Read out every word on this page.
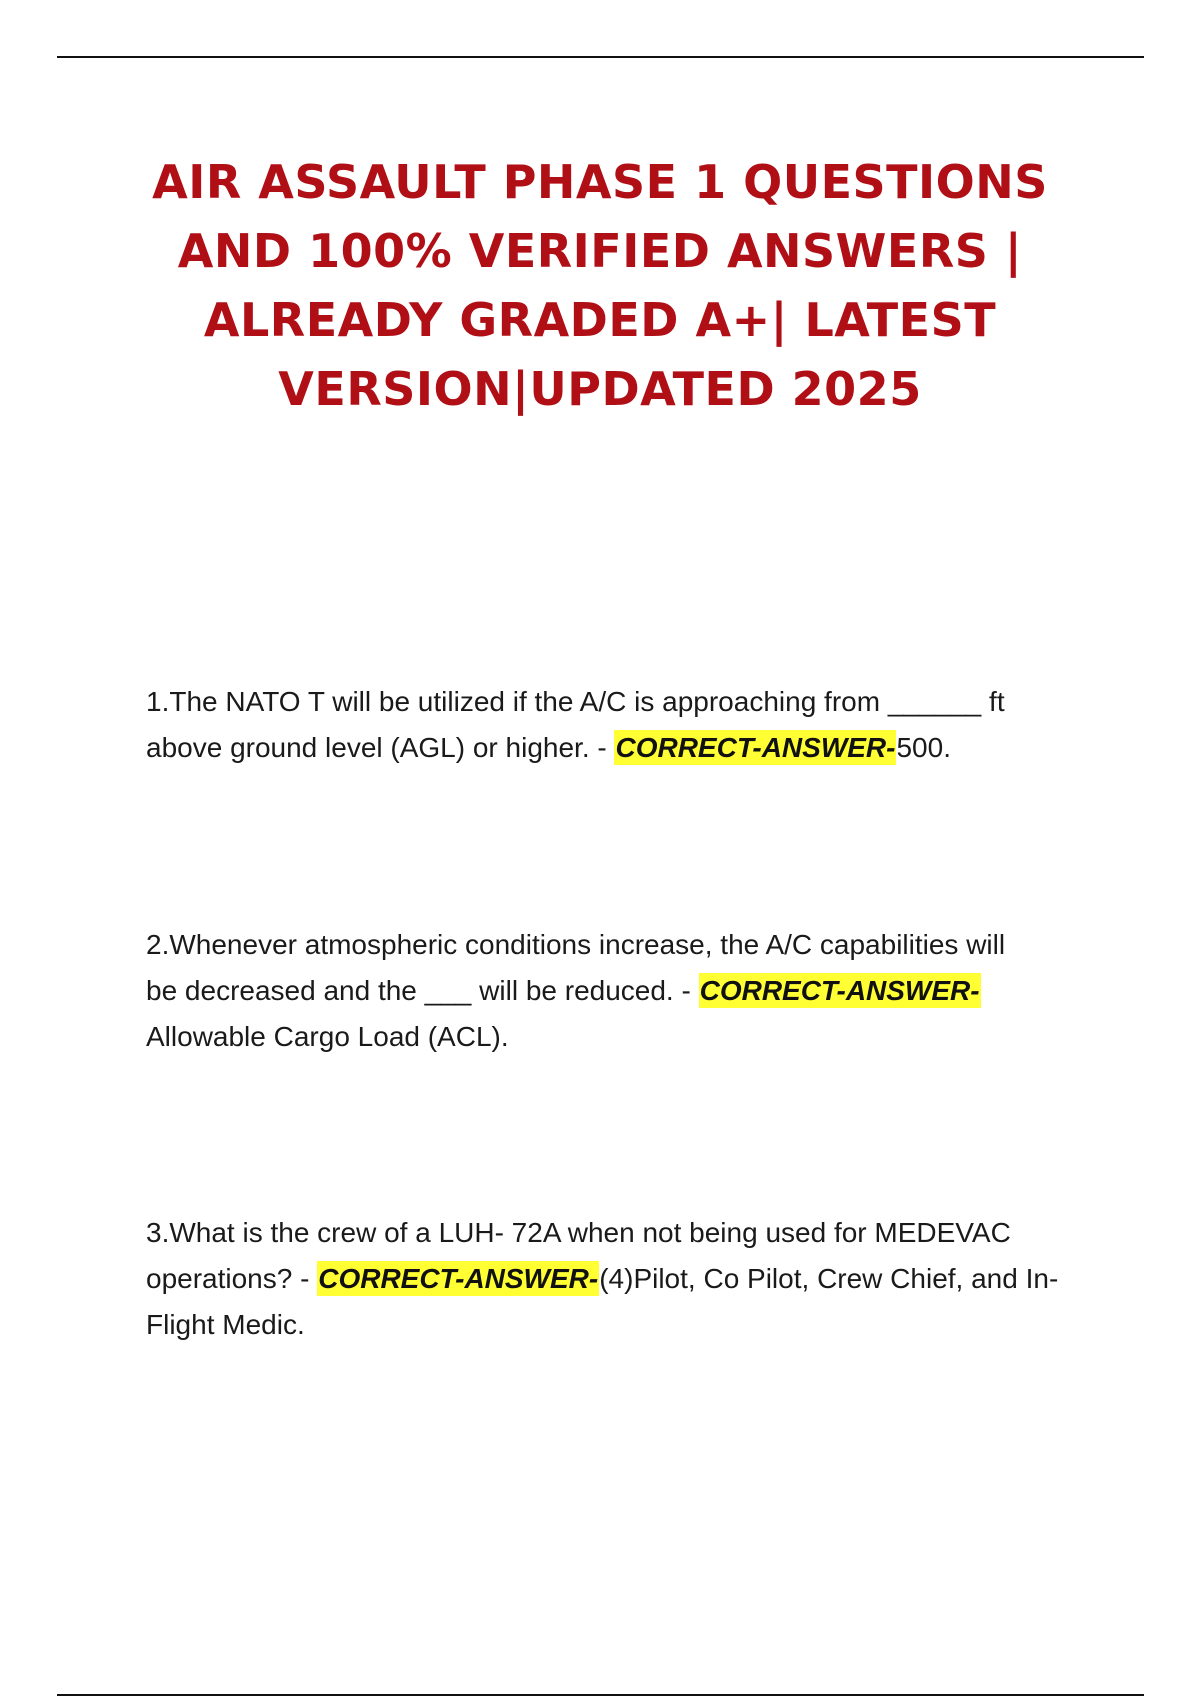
AIR ASSAULT PHASE 1 QUESTIONS
AND 100% VERIFIED ANSWERS |
ALREADY GRADED A+| LATEST
VERSION|UPDATED 2025
1.The NATO T will be utilized if the A/C is approaching from ______ ft
above ground level (AGL) or higher. - CORRECT-ANSWER-500.
2.Whenever atmospheric conditions increase, the A/C capabilities will
be decreased and the ___ will be reduced. - CORRECT-ANSWER-
Allowable Cargo Load (ACL).
3.What is the crew of a LUH- 72A when not being used for MEDEVAC
operations? - CORRECT-ANSWER-(4)Pilot, Co Pilot, Crew Chief, and In-
Flight Medic.
